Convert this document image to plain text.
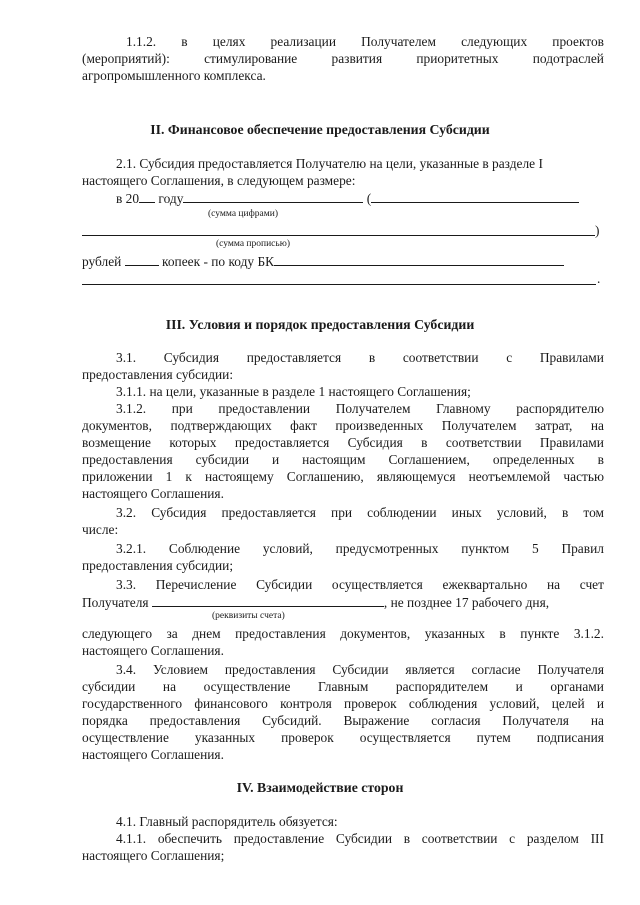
1.1.2. в целях реализации Получателем следующих проектов
(мероприятий):	стимулирование	развития	приоритетных	подотраслей
агропромышленного комплекса.
II. Финансовое обеспечение предоставления Субсидии
2.1. Субсидия предоставляется Получателю на цели, указанные в разделе I
настоящего Соглашения, в следующем размере:
в 20 году	(
(сумма цифрами)
)
(сумма прописью)
рублей	копеек - по коду БК
.
III. Условия и порядок предоставления Субсидии
3.1. Субсидия предоставляется в соответствии с Правилами
предоставления субсидии:
3.1.1. на цели, указанные в разделе 1 настоящего Соглашения;
3.1.2. при предоставлении Получателем Главному распорядителю
документов, подтверждающих факт произведенных Получателем затрат, на
возмещение которых предоставляется Субсидия в соответствии Правилами
предоставления субсидии и настоящим Соглашением, определенных в
приложении 1 к настоящему Соглашению, являющемуся неотъемлемой частью
настоящего Соглашения.
3.2. Субсидия предоставляется при соблюдении иных условий, в том
числе:
3.2.1. Соблюдение условий, предусмотренных пунктом 5 Правил
предоставления субсидии;
3.3. Перечисление Субсидии осуществляется ежеквартально на счет
Получателя	, не позднее 17 рабочего дня,
(реквизиты счета)
следующего за днем предоставления документов, указанных в пункте 3.1.2.
настоящего Соглашения.
3.4. Условием предоставления Субсидии является согласие Получателя
субсидии на осуществление Главным распорядителем и органами
государственного финансового контроля проверок соблюдения условий, целей и
порядка предоставления Субсидий. Выражение согласия Получателя на
осуществление указанных проверок осуществляется путем подписания
настоящего Соглашения.
IV. Взаимодействие сторон
4.1. Главный распорядитель обязуется:
4.1.1. обеспечить предоставление Субсидии в соответствии с разделом III
настоящего Соглашения;
